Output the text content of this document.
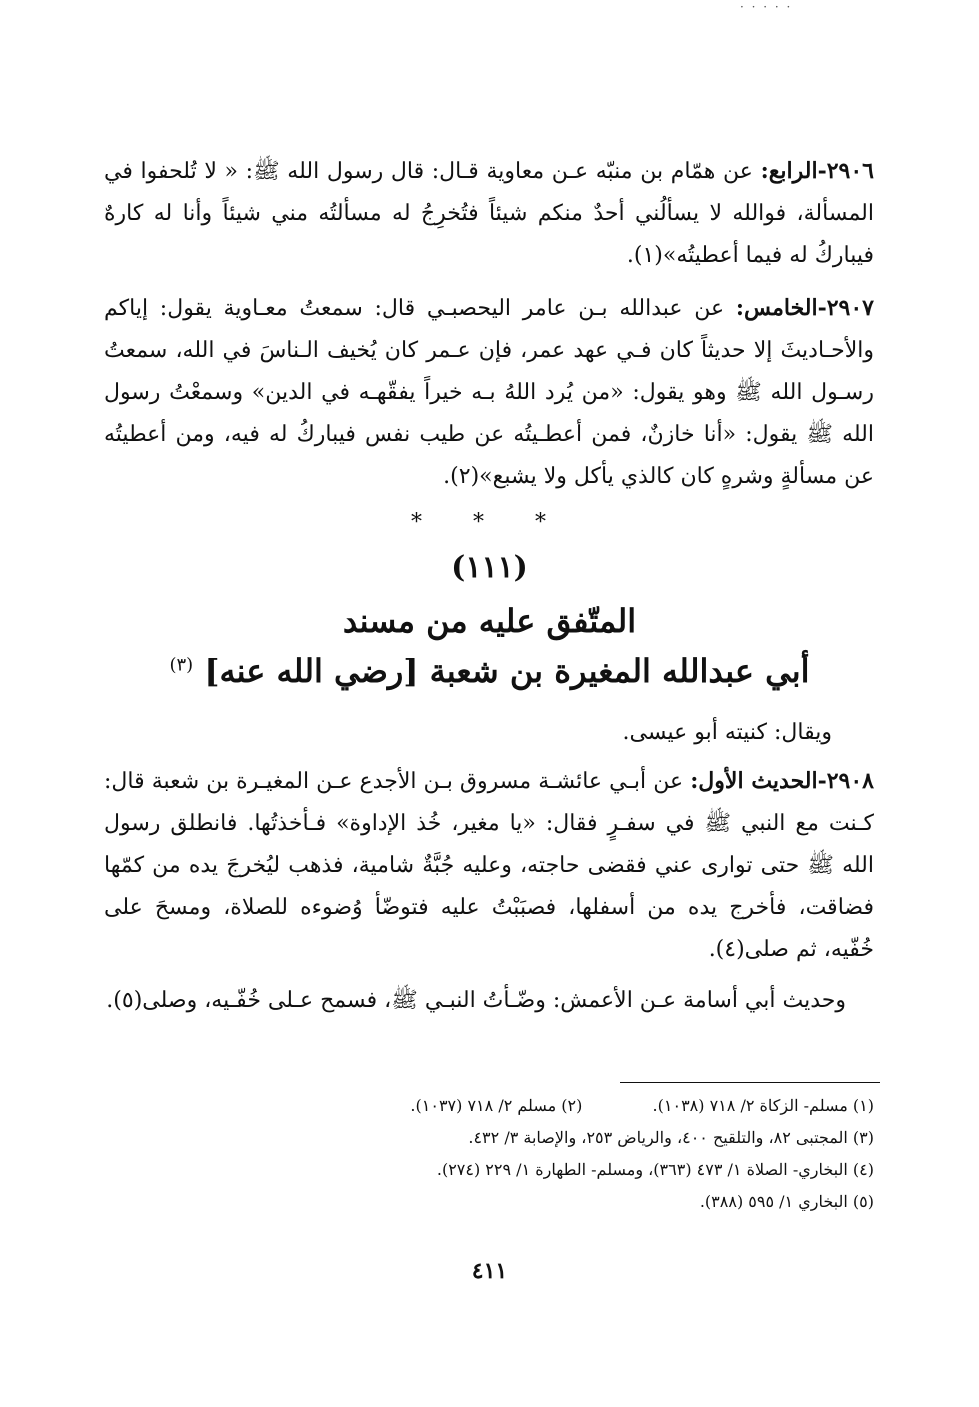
· · · · ·

٢٩٠٦-الرابع: عن همّام بن منبّه عـن معاوية قـال: قال رسول الله ﷺ: « لا تُلحفوا في المسألة، فوالله لا يسألُني أحدٌ منكم شيئاً فتُخرِجُ له مسألتُه مني شيئاً وأنا له كارهٌ فيباركُ له فيما أعطيتُه»(١).

٢٩٠٧-الخامس: عن عبدالله بـن عامر اليحصبـي قال: سمعتُ معـاوية يقول: إياكم والأحـاديثَ إلا حديثاً كان فـي عهد عمر، فإن عـمر كان يُخيف الـناسَ في الله، سمعتُ رسـول الله ﷺ وهو يقول: «من يُرد اللهُ بـه خيراً يفقّهـه في الدين» وسمعْتُ رسول الله ﷺ يقول: «أنا خازنٌ، فمن أعطـيتُه عن طيب نفس فيباركُ له فيه، ومن أعطيتُه عن مسألةٍ وشرهٍ كان كالذي يأكل ولا يشبع»(٢).

* * *
(١١١)
المتّفق عليه من مسند
أبي عبدالله المغيرة بن شعبة [رضي الله عنه] $^{(٣)}$

ويقال: كنيته أبو عيسى.

٢٩٠٨-الحديث الأول: عن أبـي عائشـة مسروق بـن الأجدع عـن المغيـرة بن شعبة قال: كـنت مع النبي ﷺ في سفـرٍ فقال: «يا مغير، خُذ الإداوة» فـأخذتُها. فانطلق رسول الله ﷺ حتى توارى عني فقضى حاجته، وعليه جُبَّةٌ شامية، فذهب ليُخرجَ يده من كمّها فضاقت، فأخرج يده من أسفلها، فصبَبْتُ عليه فتوضّأ وُضوءه للصلاة، ومسحَ على خُفّيه، ثم صلى(٤).

وحديث أبي أسامة عـن الأعمش: وضّـأتُ النبـي ﷺ، فسمح عـلى خُفّـيه، وصلى(٥).

(١) مسلم- الزكاة ٢/ ٧١٨ (١٠٣٨).  (٢) مسلم ٢/ ٧١٨ (١٠٣٧).
(٣) المجتبى ٨٢، والتلقيح ٤٠٠، والرياض ٢٥٣، والإصابة ٣/ ٤٣٢.
(٤) البخاري- الصلاة ١/ ٤٧٣ (٣٦٣)، ومسلم- الطهارة ١/ ٢٢٩ (٢٧٤).
(٥) البخاري ١/ ٥٩٥ (٣٨٨).
٤١١
